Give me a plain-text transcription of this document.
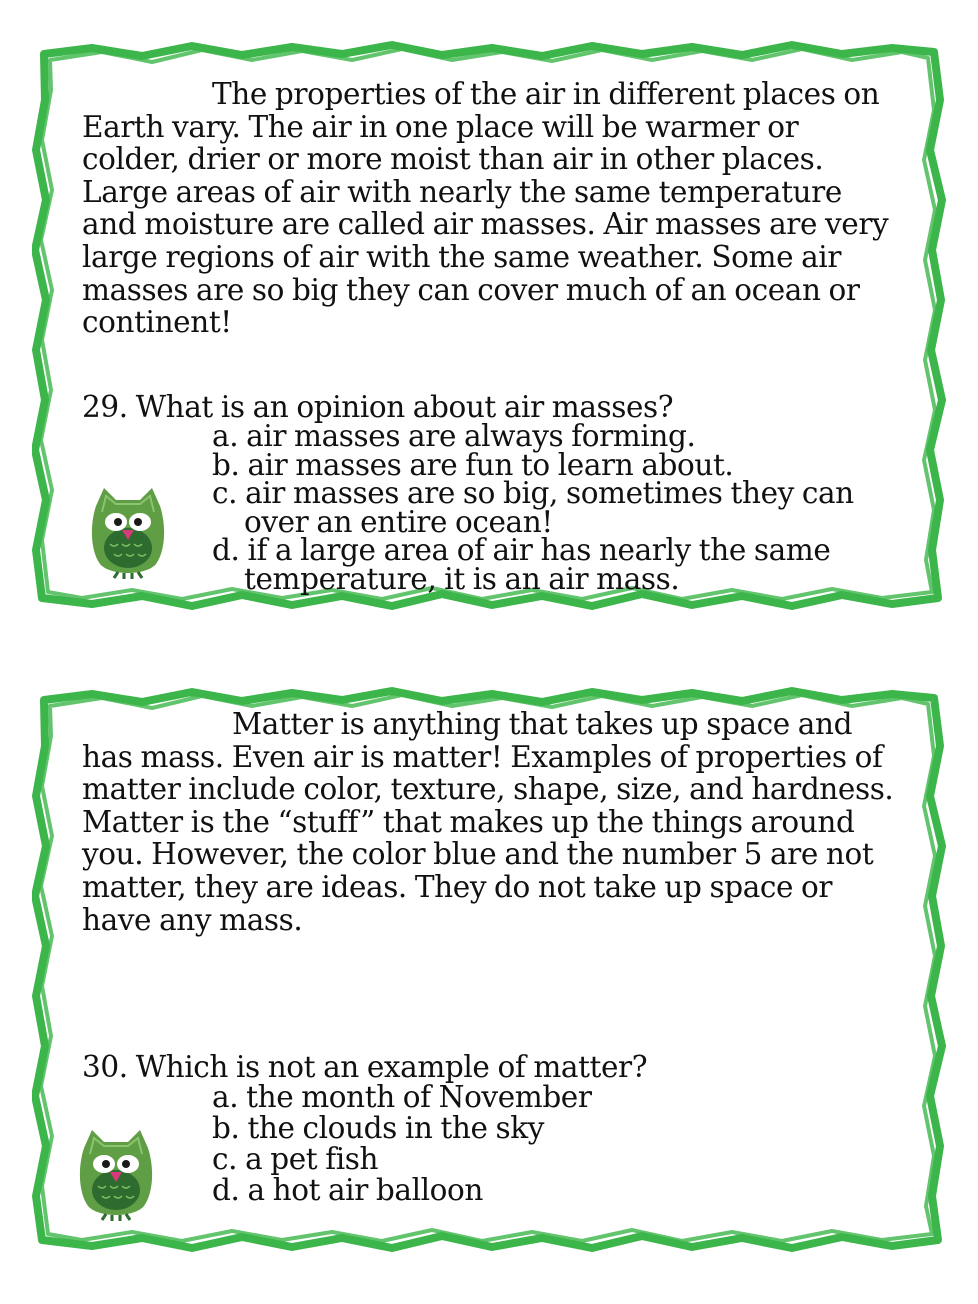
The properties of the air in different places on Earth vary. The air in one place will be warmer or colder, drier or more moist than air in other places. Large areas of air with nearly the same temperature and moisture are called air masses. Air masses are very large regions of air with the same weather. Some air masses are so big they can cover much of an ocean or continent!

29. What is an opinion about air masses?

a. air masses are always forming.
b. air masses are fun to learn about.
c. air masses are so big, sometimes they can over an entire ocean!
d. if a large area of air has nearly the same temperature, it is an air mass.

Matter is anything that takes up space and has mass. Even air is matter! Examples of properties of matter include color, texture, shape, size, and hardness. Matter is the “stuff” that makes up the things around you. However, the color blue and the number 5 are not matter, they are ideas. They do not take up space or have any mass.

30. Which is not an example of matter?

a. the month of November
b. the clouds in the sky
c. a pet fish
d. a hot air balloon
